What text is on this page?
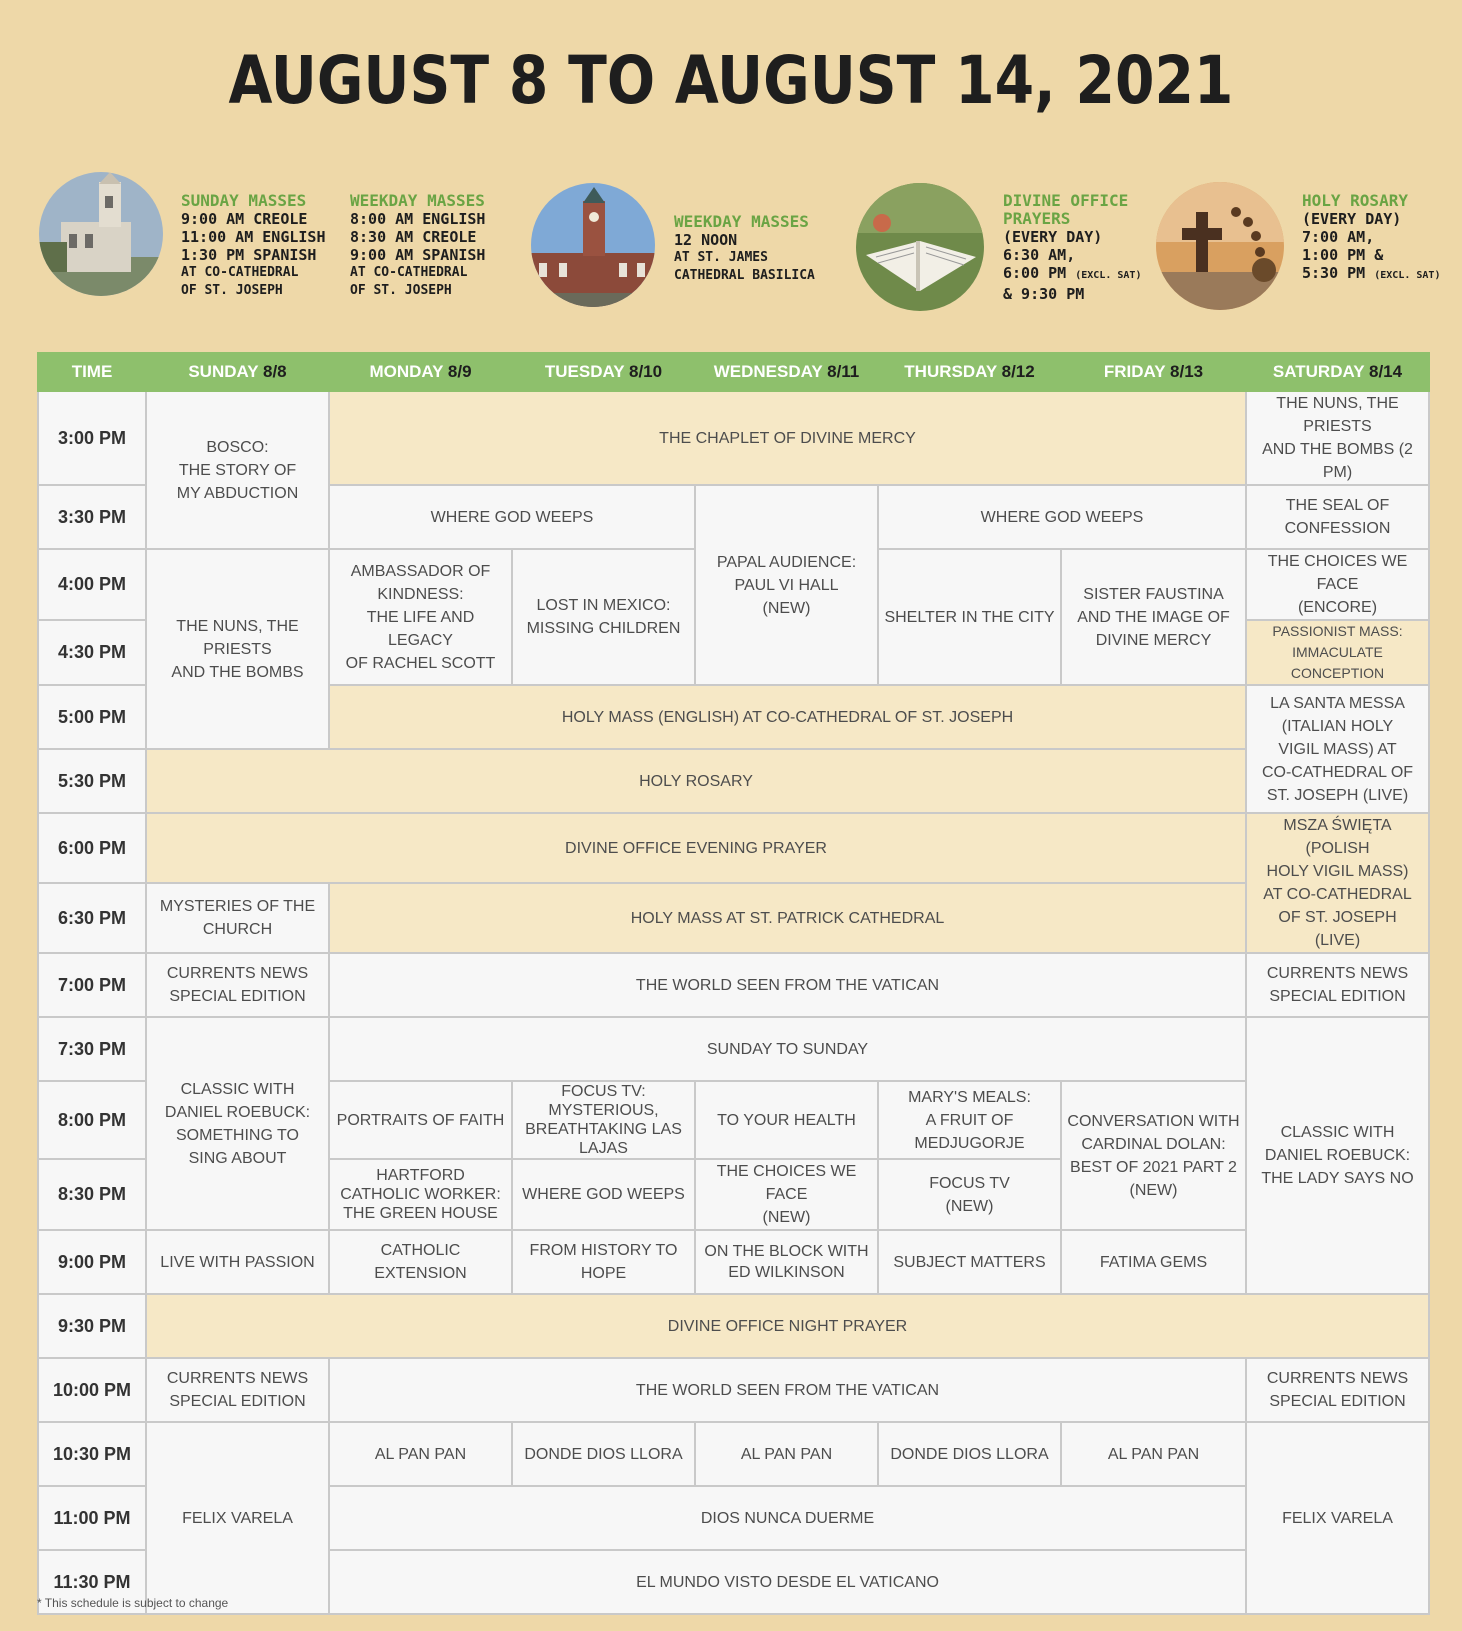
AUGUST 8 TO AUGUST 14, 2021
SUNDAY MASSES
9:00 AM CREOLE
11:00 AM ENGLISH
1:30 PM SPANISH
AT CO-CATHEDRAL
OF ST. JOSEPH
WEEKDAY MASSES
8:00 AM ENGLISH
8:30 AM CREOLE
9:00 AM SPANISH
AT CO-CATHEDRAL
OF ST. JOSEPH
WEEKDAY MASSES
12 NOON
AT ST. JAMES
CATHEDRAL BASILICA
DIVINE OFFICE
PRAYERS
(EVERY DAY)
6:30 AM,
6:00 PM (EXCL. SAT)
& 9:30 PM
HOLY ROSARY
(EVERY DAY)
7:00 AM,
1:00 PM &
5:30 PM (EXCL. SAT)
TIME	SUNDAY 8/8	MONDAY 8/9	TUESDAY 8/10	WEDNESDAY 8/11	THURSDAY 8/12	FRIDAY 8/13	SATURDAY 8/14
3:00 PM	BOSCO:
THE STORY OF
MY ABDUCTION	THE CHAPLET OF DIVINE MERCY					THE NUNS, THE PRIESTS
AND THE BOMBS (2 PM)
3:30 PM		WHERE GOD WEEPS		PAPAL AUDIENCE:
PAUL VI HALL
(NEW)	WHERE GOD WEEPS		THE SEAL OF
CONFESSION
4:00 PM	THE NUNS, THE PRIESTS
AND THE BOMBS	AMBASSADOR OF
KINDNESS:
THE LIFE AND LEGACY
OF RACHEL SCOTT	LOST IN MEXICO:
MISSING CHILDREN		SHELTER IN THE CITY	SISTER FAUSTINA
AND THE IMAGE OF
DIVINE MERCY	THE CHOICES WE FACE
(ENCORE)
4:30 PM							PASSIONIST MASS:
IMMACULATE CONCEPTION
5:00 PM		HOLY MASS (ENGLISH) AT CO-CATHEDRAL OF ST. JOSEPH					LA SANTA MESSA
(ITALIAN HOLY
VIGIL MASS) AT
CO-CATHEDRAL OF
ST. JOSEPH (LIVE)
5:30 PM	HOLY ROSARY						
6:00 PM	DIVINE OFFICE EVENING PRAYER						MSZA ŚWIĘTA (POLISH
HOLY VIGIL MASS)
AT CO-CATHEDRAL
OF ST. JOSEPH
(LIVE)
6:30 PM	MYSTERIES OF THE
CHURCH	HOLY MASS AT ST. PATRICK CATHEDRAL					
7:00 PM	CURRENTS NEWS
SPECIAL EDITION	THE WORLD SEEN FROM THE VATICAN					CURRENTS NEWS
SPECIAL EDITION
7:30 PM	CLASSIC WITH
DANIEL ROEBUCK:
SOMETHING TO
SING ABOUT	SUNDAY TO SUNDAY					CLASSIC WITH
DANIEL ROEBUCK:
THE LADY SAYS NO
8:00 PM		PORTRAITS OF FAITH	FOCUS TV:
MYSTERIOUS,
BREATHTAKING LAS LAJAS	TO YOUR HEALTH	MARY'S MEALS:
A FRUIT OF MEDJUGORJE	CONVERSATION WITH
CARDINAL DOLAN:
BEST OF 2021 PART 2
(NEW)	
8:30 PM		HARTFORD
CATHOLIC WORKER:
THE GREEN HOUSE	WHERE GOD WEEPS	THE CHOICES WE FACE
(NEW)	FOCUS TV
(NEW)		
9:00 PM	LIVE WITH PASSION	CATHOLIC EXTENSION	FROM HISTORY TO HOPE	ON THE BLOCK WITH
ED WILKINSON	SUBJECT MATTERS	FATIMA GEMS	
9:30 PM	DIVINE OFFICE NIGHT PRAYER						
10:00 PM	CURRENTS NEWS
SPECIAL EDITION	THE WORLD SEEN FROM THE VATICAN					CURRENTS NEWS
SPECIAL EDITION
10:30 PM	FELIX VARELA	AL PAN PAN	DONDE DIOS LLORA	AL PAN PAN	DONDE DIOS LLORA	AL PAN PAN	FELIX VARELA
11:00 PM		DIOS NUNCA DUERME					
11:30 PM		EL MUNDO VISTO DESDE EL VATICANO					
* This schedule is subject to change
